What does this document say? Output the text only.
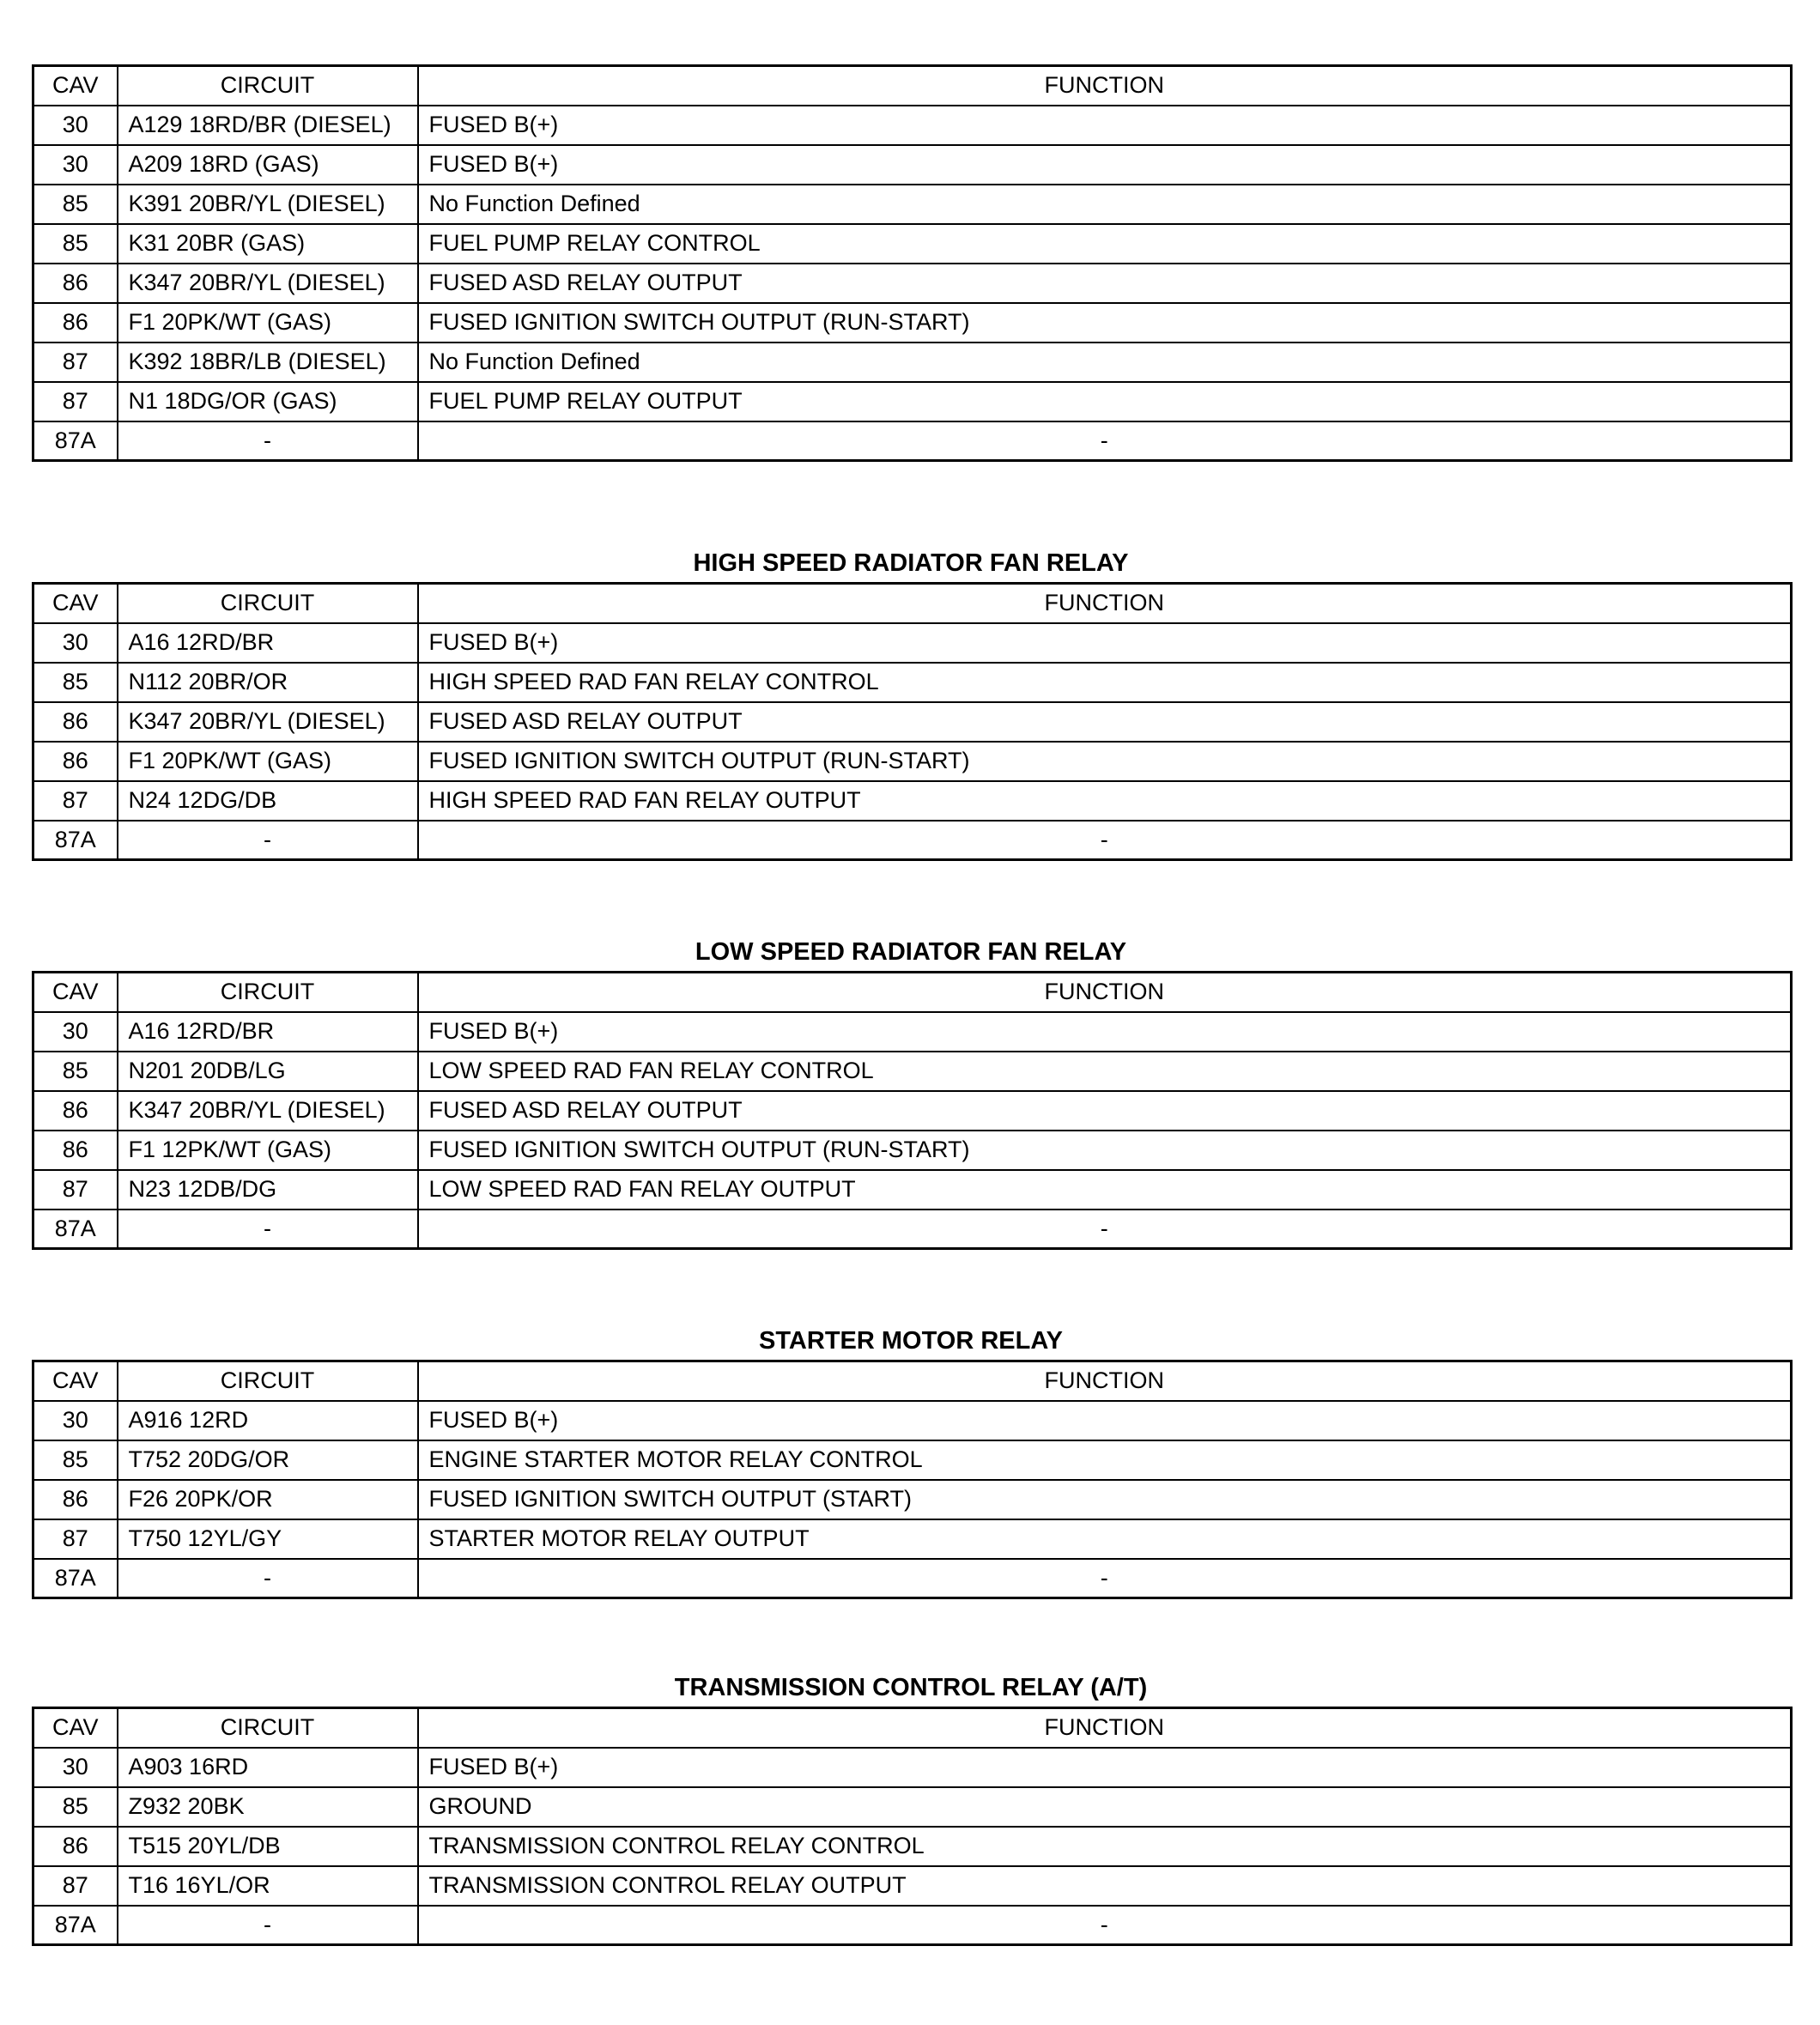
CAV	CIRCUIT	FUNCTION
30	A129 18RD/BR (DIESEL)	FUSED B(+)
30	A209 18RD (GAS)	FUSED B(+)
85	K391 20BR/YL (DIESEL)	No Function Defined
85	K31 20BR (GAS)	FUEL PUMP RELAY CONTROL
86	K347 20BR/YL (DIESEL)	FUSED ASD RELAY OUTPUT
86	F1 20PK/WT (GAS)	FUSED IGNITION SWITCH OUTPUT (RUN-START)
87	K392 18BR/LB (DIESEL)	No Function Defined
87	N1 18DG/OR (GAS)	FUEL PUMP RELAY OUTPUT
87A	-	-
HIGH SPEED RADIATOR FAN RELAY
CAV	CIRCUIT	FUNCTION
30	A16 12RD/BR	FUSED B(+)
85	N112 20BR/OR	HIGH SPEED RAD FAN RELAY CONTROL
86	K347 20BR/YL (DIESEL)	FUSED ASD RELAY OUTPUT
86	F1 20PK/WT (GAS)	FUSED IGNITION SWITCH OUTPUT (RUN-START)
87	N24 12DG/DB	HIGH SPEED RAD FAN RELAY OUTPUT
87A	-	-
LOW SPEED RADIATOR FAN RELAY
CAV	CIRCUIT	FUNCTION
30	A16 12RD/BR	FUSED B(+)
85	N201 20DB/LG	LOW SPEED RAD FAN RELAY CONTROL
86	K347 20BR/YL (DIESEL)	FUSED ASD RELAY OUTPUT
86	F1 12PK/WT (GAS)	FUSED IGNITION SWITCH OUTPUT (RUN-START)
87	N23 12DB/DG	LOW SPEED RAD FAN RELAY OUTPUT
87A	-	-
STARTER MOTOR RELAY
CAV	CIRCUIT	FUNCTION
30	A916 12RD	FUSED B(+)
85	T752 20DG/OR	ENGINE STARTER MOTOR RELAY CONTROL
86	F26 20PK/OR	FUSED IGNITION SWITCH OUTPUT (START)
87	T750 12YL/GY	STARTER MOTOR RELAY OUTPUT
87A	-	-
TRANSMISSION CONTROL RELAY (A/T)
CAV	CIRCUIT	FUNCTION
30	A903 16RD	FUSED B(+)
85	Z932 20BK	GROUND
86	T515 20YL/DB	TRANSMISSION CONTROL RELAY CONTROL
87	T16 16YL/OR	TRANSMISSION CONTROL RELAY OUTPUT
87A	-	-
